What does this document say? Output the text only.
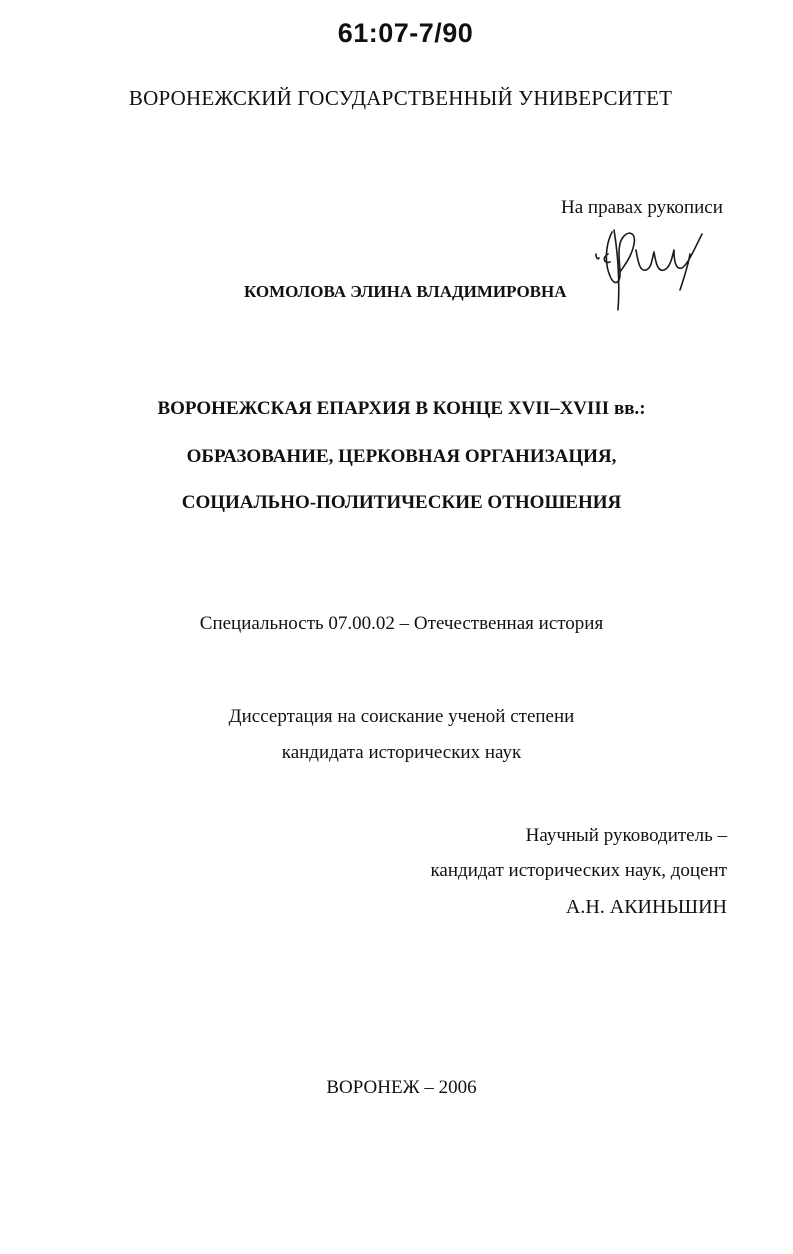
61:07-7/90
ВОРОНЕЖСКИЙ ГОСУДАРСТВЕННЫЙ УНИВЕРСИТЕТ
На правах рукописи
КОМОЛОВА ЭЛИНА ВЛАДИМИРОВНА
ВОРОНЕЖСКАЯ ЕПАРХИЯ В КОНЦЕ XVII–XVIII вв.:
ОБРАЗОВАНИЕ, ЦЕРКОВНАЯ ОРГАНИЗАЦИЯ,
СОЦИАЛЬНО-ПОЛИТИЧЕСКИЕ ОТНОШЕНИЯ
Специальность 07.00.02 – Отечественная история
Диссертация на соискание ученой степени
кандидата исторических наук
Научный руководитель –
кандидат исторических наук, доцент
А.Н. АКИНЬШИН
ВОРОНЕЖ – 2006
